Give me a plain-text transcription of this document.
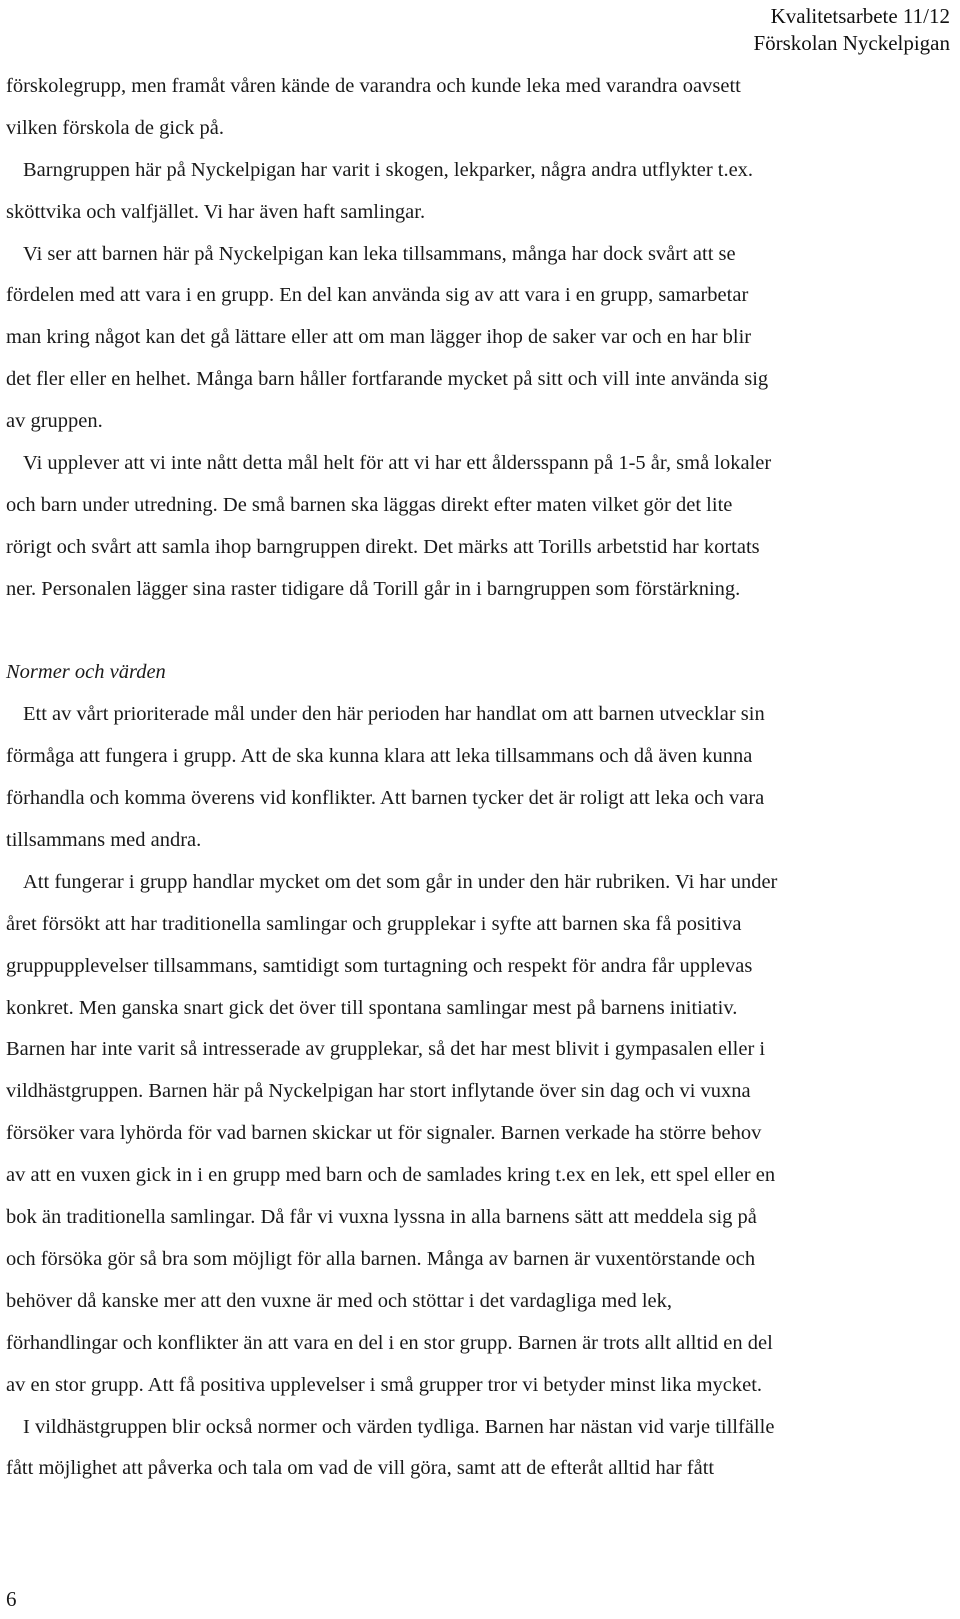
Kvalitetsarbete 11/12
Förskolan Nyckelpigan
förskolegrupp, men framåt våren kände de varandra och kunde leka med varandra oavsett
vilken förskola de gick på.
Barngruppen här på Nyckelpigan har varit i skogen, lekparker, några andra utflykter t.ex.
sköttvika och valfjället. Vi har även haft samlingar.
Vi ser att barnen här på Nyckelpigan kan leka tillsammans, många har dock svårt att se
fördelen med att vara i en grupp. En del kan använda sig av att vara i en grupp, samarbetar
man kring något kan det gå lättare eller att om man lägger ihop de saker var och en har blir
det fler eller en helhet. Många barn håller fortfarande mycket på sitt och vill inte använda sig
av gruppen.
Vi upplever att vi inte nått detta mål helt för att vi har ett åldersspann på 1-5 år, små lokaler
och barn under utredning. De små barnen ska läggas direkt efter maten vilket gör det lite
rörigt och svårt att samla ihop barngruppen direkt. Det märks att Torills arbetstid har kortats
ner. Personalen lägger sina raster tidigare då Torill går in i barngruppen som förstärkning.
Normer och värden
Ett av vårt prioriterade mål under den här perioden har handlat om att barnen utvecklar sin
förmåga att fungera i grupp. Att de ska kunna klara att leka tillsammans och då även kunna
förhandla och komma överens vid konflikter. Att barnen tycker det är roligt att leka och vara
tillsammans med andra.
Att fungerar i grupp handlar mycket om det som går in under den här rubriken. Vi har under
året försökt att har traditionella samlingar och grupplekar i syfte att barnen ska få positiva
gruppupplevelser tillsammans, samtidigt som turtagning och respekt för andra får upplevas
konkret. Men ganska snart gick det över till spontana samlingar mest på barnens initiativ.
Barnen har inte varit så intresserade av grupplekar, så det har mest blivit i gympasalen eller i
vildhästgruppen. Barnen här på Nyckelpigan har stort inflytande över sin dag och vi vuxna
försöker vara lyhörda för vad barnen skickar ut för signaler. Barnen verkade ha större behov
av att en vuxen gick in i en grupp med barn och de samlades kring t.ex en lek, ett spel eller en
bok än traditionella samlingar. Då får vi vuxna lyssna in alla barnens sätt att meddela sig på
och försöka gör så bra som möjligt för alla barnen. Många av barnen är vuxentörstande och
behöver då kanske mer att den vuxne är med och stöttar i det vardagliga med lek,
förhandlingar och konflikter än att vara en del i en stor grupp. Barnen är trots allt alltid en del
av en stor grupp. Att få positiva upplevelser i små grupper tror vi betyder minst lika mycket.
I vildhästgruppen blir också normer och värden tydliga. Barnen har nästan vid varje tillfälle
fått möjlighet att påverka och tala om vad de vill göra, samt att de efteråt alltid har fått
6
